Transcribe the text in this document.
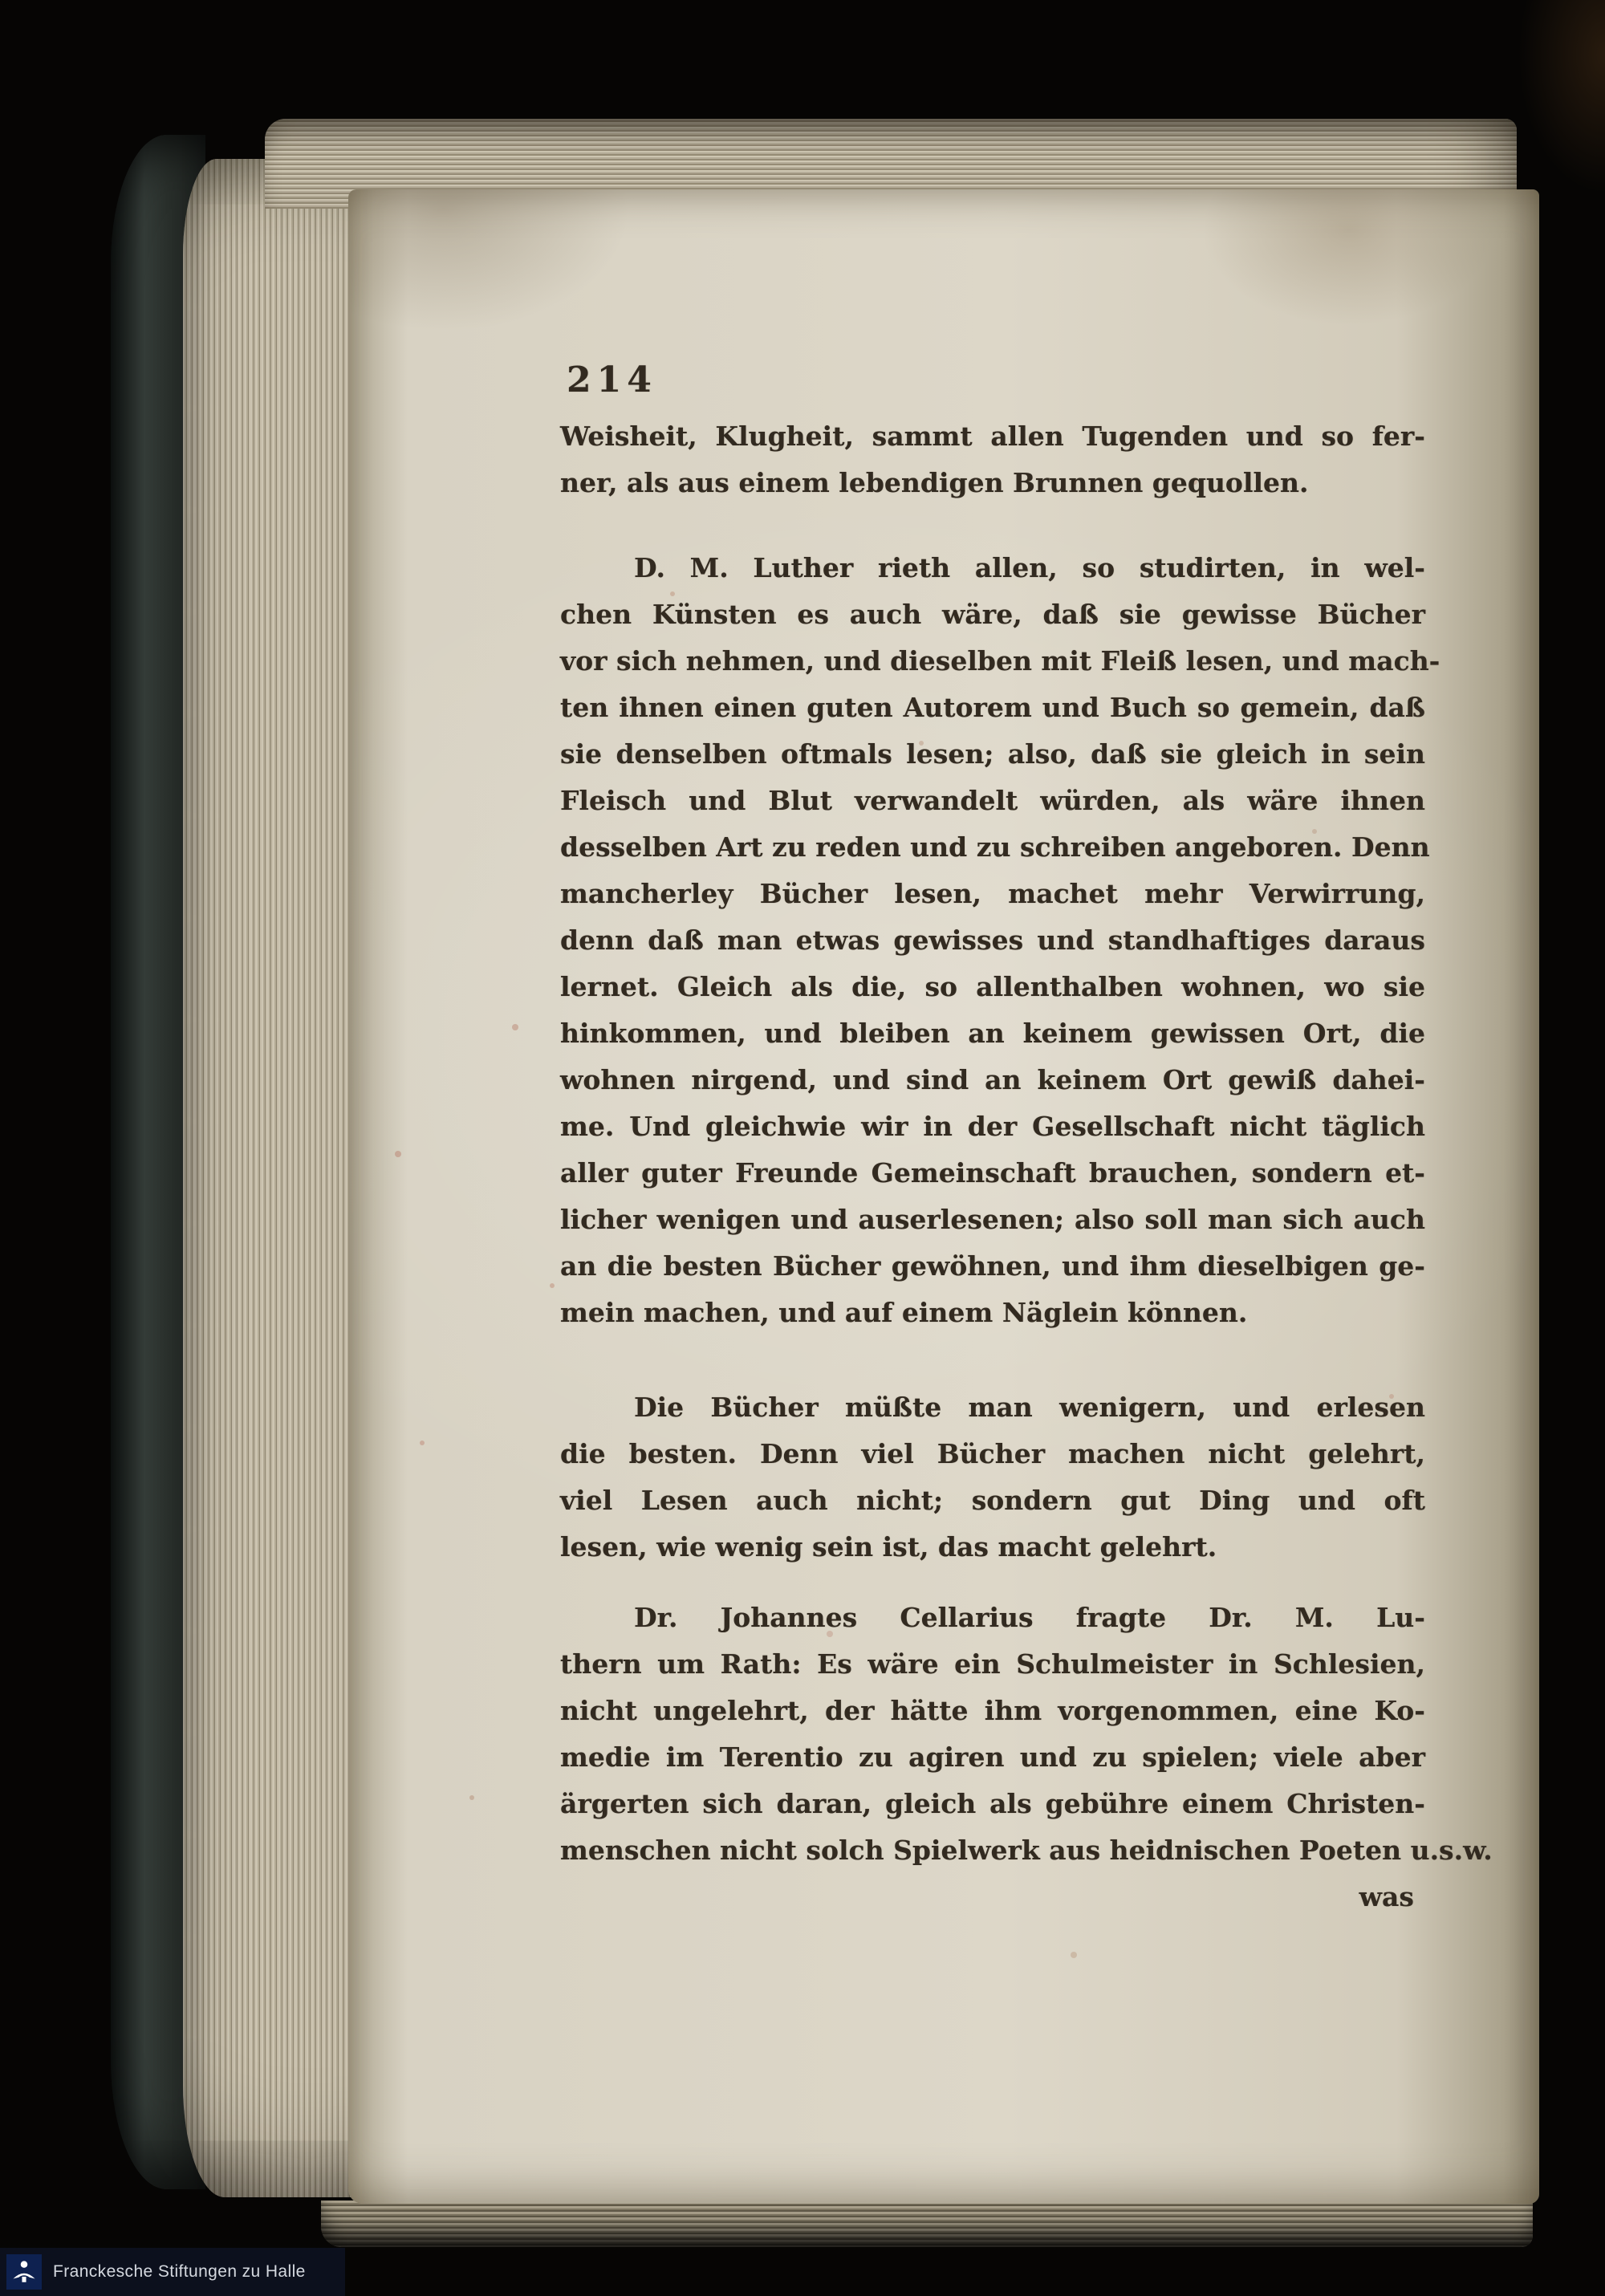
214
Weisheit, Klugheit, sammt allen Tugenden und so fer-
ner, als aus einem lebendigen Brunnen gequollen.
D. M. Luther rieth allen, so studirten, in wel-
chen Künsten es auch wäre, daß sie gewisse Bücher
vor sich nehmen, und dieselben mit Fleiß lesen, und mach-
ten ihnen einen guten Autorem und Buch so gemein, daß
sie denselben oftmals lesen; also, daß sie gleich in sein
Fleisch und Blut verwandelt würden, als wäre ihnen
desselben Art zu reden und zu schreiben angeboren. Denn
mancherley Bücher lesen, machet mehr Verwirrung,
denn daß man etwas gewisses und standhaftiges daraus
lernet. Gleich als die, so allenthalben wohnen, wo sie
hinkommen, und bleiben an keinem gewissen Ort, die
wohnen nirgend, und sind an keinem Ort gewiß dahei-
me. Und gleichwie wir in der Gesellschaft nicht täglich
aller guter Freunde Gemeinschaft brauchen, sondern et-
licher wenigen und auserlesenen; also soll man sich auch
an die besten Bücher gewöhnen, und ihm dieselbigen ge-
mein machen, und auf einem Näglein können.
Die Bücher müßte man wenigern, und erlesen
die besten. Denn viel Bücher machen nicht gelehrt,
viel Lesen auch nicht; sondern gut Ding und oft
lesen, wie wenig sein ist, das macht gelehrt.
Dr. Johannes Cellarius fragte Dr. M. Lu-
thern um Rath: Es wäre ein Schulmeister in Schlesien,
nicht ungelehrt, der hätte ihm vorgenommen, eine Ko-
medie im Terentio zu agiren und zu spielen; viele aber
ärgerten sich daran, gleich als gebühre einem Christen-
menschen nicht solch Spielwerk aus heidnischen Poeten u.s.w.
was
Franckesche Stiftungen zu Halle
